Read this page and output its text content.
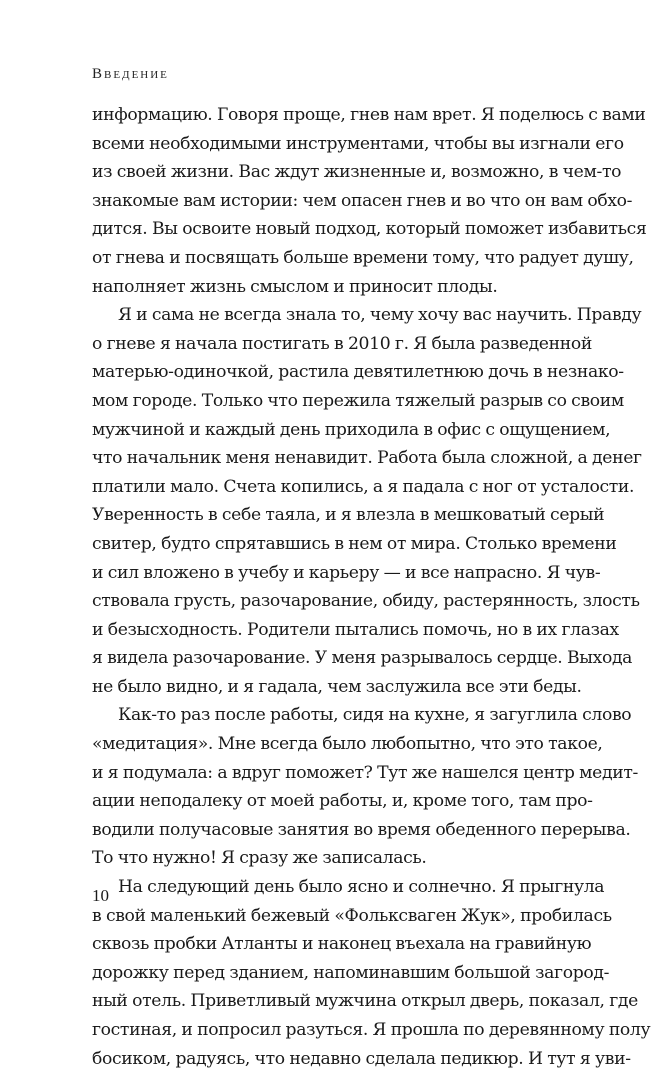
Введение
информацию. Говоря проще, гнев нам врет. Я поделюсь с вами
всеми необходимыми инструментами, чтобы вы изгнали его
из своей жизни. Вас ждут жизненные и, возможно, в чем-то
знакомые вам истории: чем опасен гнев и во что он вам обхо-
дится. Вы освоите новый подход, который поможет избавиться
от гнева и посвящать больше времени тому, что радует душу,
наполняет жизнь смыслом и приносит плоды.
Я и сама не всегда знала то, чему хочу вас научить. Правду
о гневе я начала постигать в 2010 г. Я была разведенной
матерью-одиночкой, растила девятилетнюю дочь в незнако-
мом городе. Только что пережила тяжелый разрыв со своим
мужчиной и каждый день приходила в офис с ощущением,
что начальник меня ненавидит. Работа была сложной, а денег
платили мало. Счета копились, а я падала с ног от усталости.
Уверенность в себе таяла, и я влезла в мешковатый серый
свитер, будто спрятавшись в нем от мира. Столько времени
и сил вложено в учебу и карьеру — и все напрасно. Я чув-
ствовала грусть, разочарование, обиду, растерянность, злость
и безысходность. Родители пытались помочь, но в их глазах
я видела разочарование. У меня разрывалось сердце. Выхода
не было видно, и я гадала, чем заслужила все эти беды.
Как-то раз после работы, сидя на кухне, я загуглила слово
«медитация». Мне всегда было любопытно, что это такое,
и я подумала: а вдруг поможет? Тут же нашелся центр медит-
ации неподалеку от моей работы, и, кроме того, там про-
водили получасовые занятия во время обеденного перерыва.
То что нужно! Я сразу же записалась.
На следующий день было ясно и солнечно. Я прыгнула
в свой маленький бежевый «Фольксваген Жук», пробилась
сквозь пробки Атланты и наконец въехала на гравийную
дорожку перед зданием, напоминавшим большой загород-
ный отель. Приветливый мужчина открыл дверь, показал, где
гостиная, и попросил разуться. Я прошла по деревянному полу
босиком, радуясь, что недавно сделала педикюр. И тут я уви-
10
